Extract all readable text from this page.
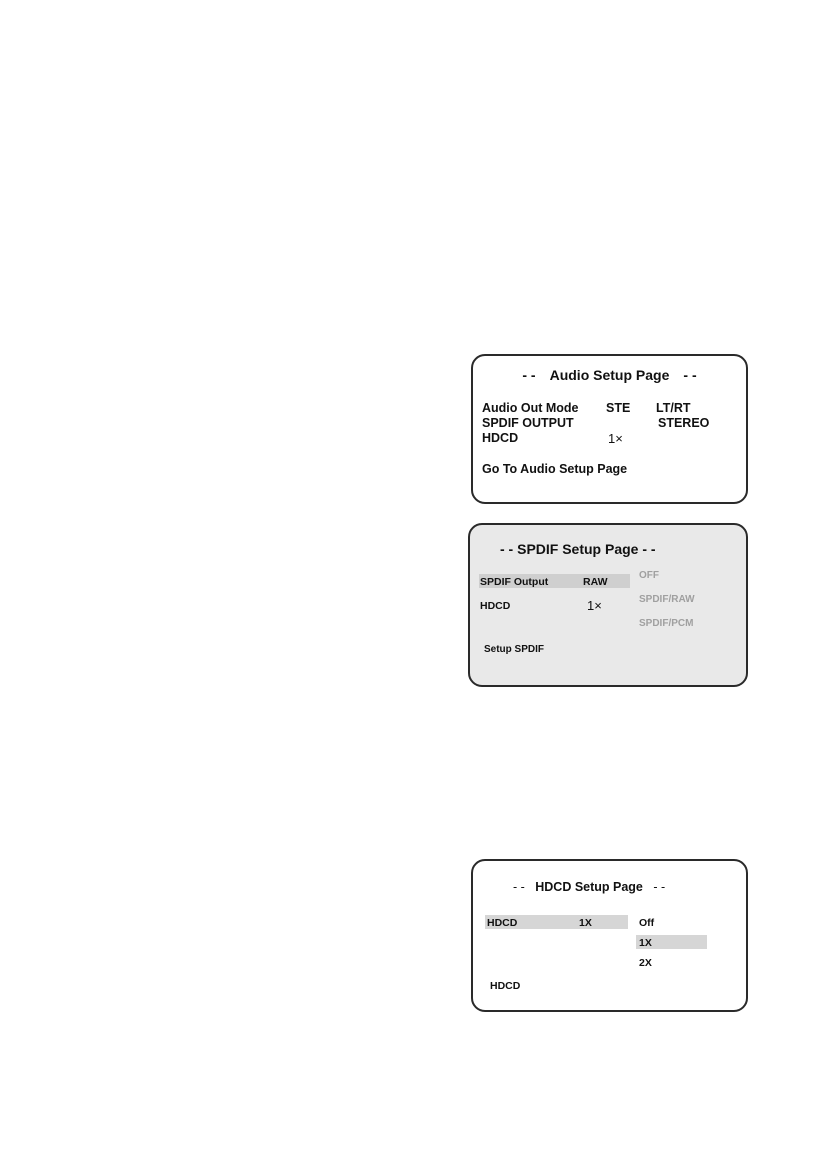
- - Audio Setup Page - -
Audio Out Mode STE LT/RT
SPDIF OUTPUT	STEREO
HDCD	1×
Go To Audio Setup Page
- - SPDIF Setup Page - -
SPDIF Output	RAW
HDCD	1×
OFF
SPDIF/RAW
SPDIF/PCM
Setup SPDIF
- - HDCD Setup Page - -
HDCD	1X	Off
1X
2X
HDCD
